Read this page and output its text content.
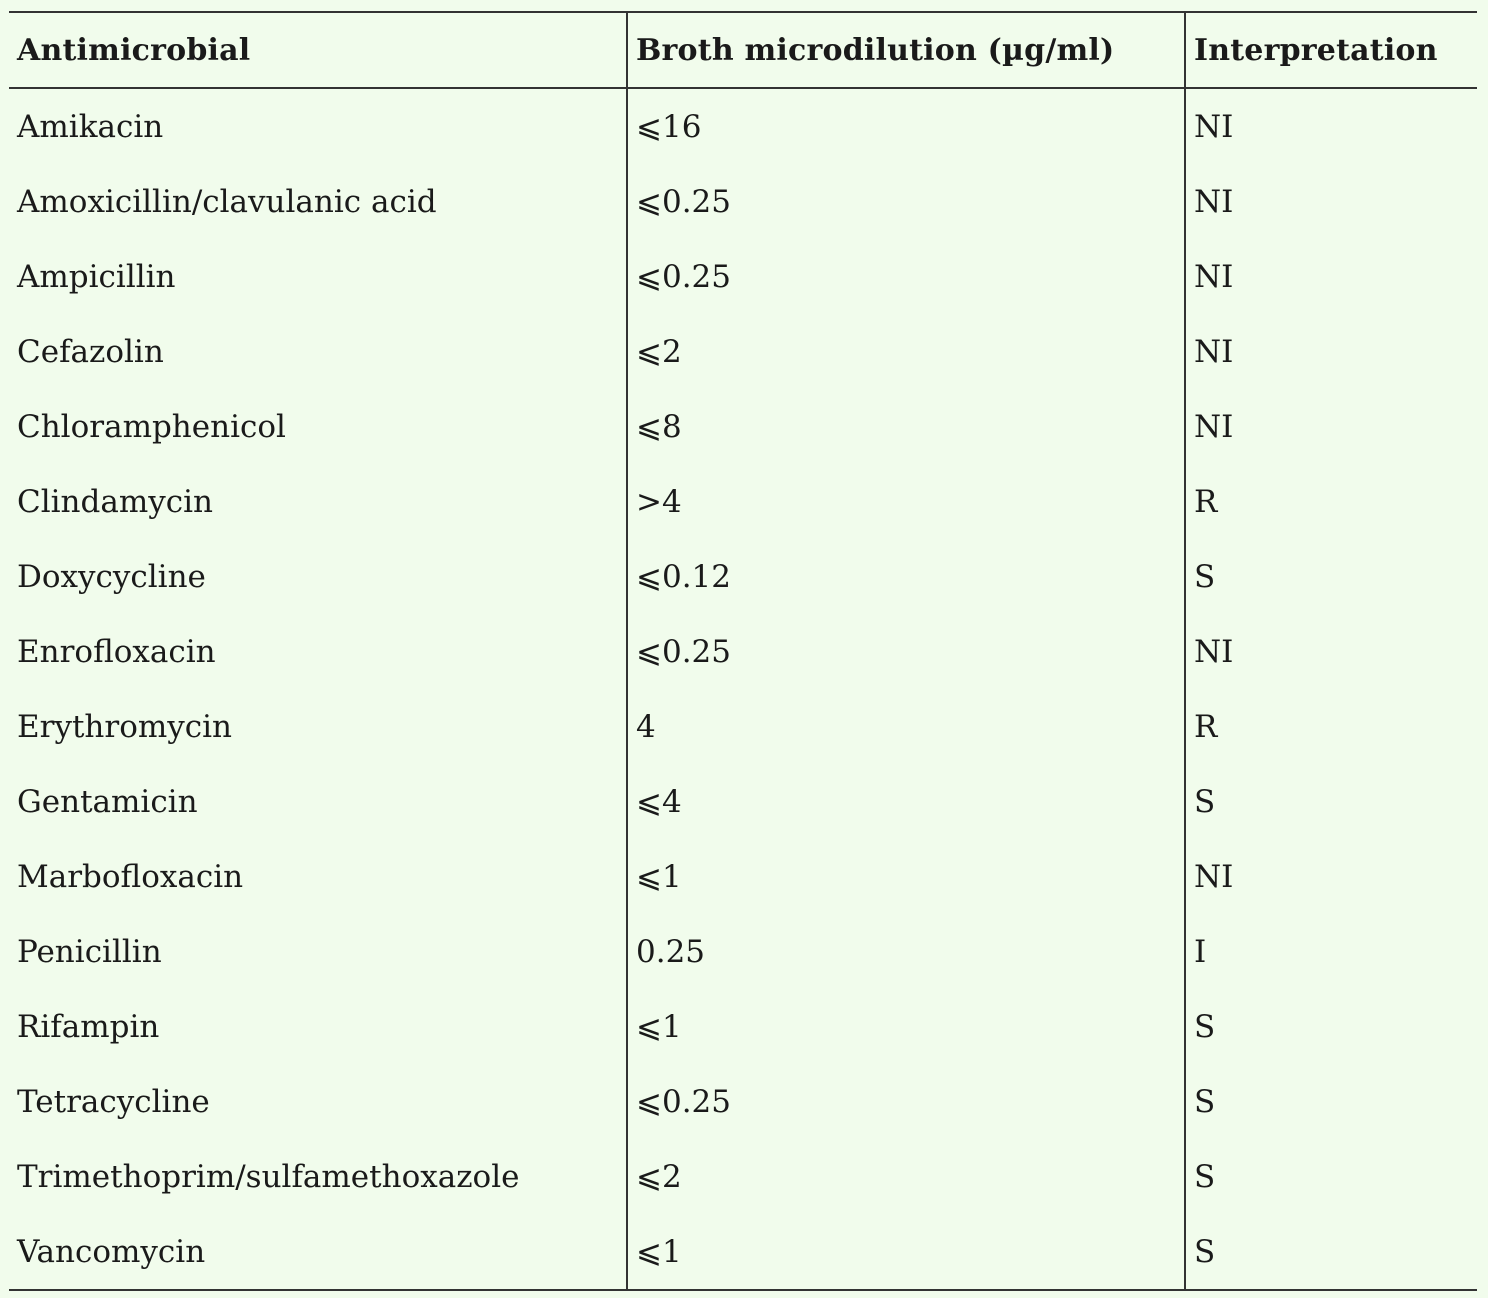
Antimicrobial	Broth microdilution (µg/ml)	Interpretation
Amikacin	⩽16	NI
Amoxicillin/clavulanic acid	⩽0.25	NI
Ampicillin	⩽0.25	NI
Cefazolin	⩽2	NI
Chloramphenicol	⩽8	NI
Clindamycin	>4	R
Doxycycline	⩽0.12	S
Enrofloxacin	⩽0.25	NI
Erythromycin	4	R
Gentamicin	⩽4	S
Marbofloxacin	⩽1	NI
Penicillin	0.25	I
Rifampin	⩽1	S
Tetracycline	⩽0.25	S
Trimethoprim/sulfamethoxazole	⩽2	S
Vancomycin	⩽1	S
